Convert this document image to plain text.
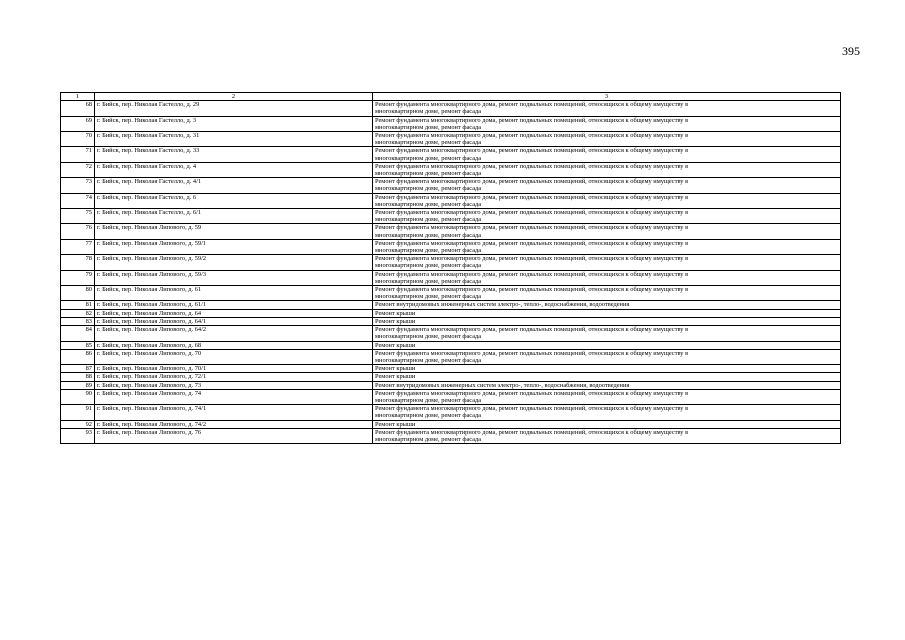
395
1	2	3
68	г. Бийск, пер. Николая Гастелло, д. 29	Ремонт фундамента многоквартирного дома, ремонт подвальных помещений, относящихся к общему имуществу в
многоквартирном доме, ремонт фасада

69	г. Бийск, пер. Николая Гастелло, д. 3	Ремонт фундамента многоквартирного дома, ремонт подвальных помещений, относящихся к общему имуществу в
многоквартирном доме, ремонт фасада

70	г. Бийск, пер. Николая Гастелло, д. 31	Ремонт фундамента многоквартирного дома, ремонт подвальных помещений, относящихся к общему имуществу в
многоквартирном доме, ремонт фасада

71	г. Бийск, пер. Николая Гастелло, д. 33	Ремонт фундамента многоквартирного дома, ремонт подвальных помещений, относящихся к общему имуществу в
многоквартирном доме, ремонт фасада

72	г. Бийск, пер. Николая Гастелло, д. 4	Ремонт фундамента многоквартирного дома, ремонт подвальных помещений, относящихся к общему имуществу в
многоквартирном доме, ремонт фасада

73	г. Бийск, пер. Николая Гастелло, д. 4/1	Ремонт фундамента многоквартирного дома, ремонт подвальных помещений, относящихся к общему имуществу в
многоквартирном доме, ремонт фасада

74	г. Бийск, пер. Николая Гастелло, д. 6	Ремонт фундамента многоквартирного дома, ремонт подвальных помещений, относящихся к общему имуществу в
многоквартирном доме, ремонт фасада

75	г. Бийск, пер. Николая Гастелло, д. 6/1	Ремонт фундамента многоквартирного дома, ремонт подвальных помещений, относящихся к общему имуществу в
многоквартирном доме, ремонт фасада

76	г. Бийск, пер. Николая Липового, д. 59	Ремонт фундамента многоквартирного дома, ремонт подвальных помещений, относящихся к общему имуществу в
многоквартирном доме, ремонт фасада

77	г. Бийск, пер. Николая Липового, д. 59/1	Ремонт фундамента многоквартирного дома, ремонт подвальных помещений, относящихся к общему имуществу в
многоквартирном доме, ремонт фасада

78	г. Бийск, пер. Николая Липового, д. 59/2	Ремонт фундамента многоквартирного дома, ремонт подвальных помещений, относящихся к общему имуществу в
многоквартирном доме, ремонт фасада

79	г. Бийск, пер. Николая Липового, д. 59/3	Ремонт фундамента многоквартирного дома, ремонт подвальных помещений, относящихся к общему имуществу в
многоквартирном доме, ремонт фасада

80	г. Бийск, пер. Николая Липового, д. 61	Ремонт фундамента многоквартирного дома, ремонт подвальных помещений, относящихся к общему имуществу в
многоквартирном доме, ремонт фасада

81	г. Бийск, пер. Николая Липового, д. 61/1	Ремонт внутридомовых инженерных систем электро-, тепло-, водоснабжения, водоотведения

82	г. Бийск, пер. Николая Липового, д. 64	Ремонт крыши

83	г. Бийск, пер. Николая Липового, д. 64/1	Ремонт крыши

84	г. Бийск, пер. Николая Липового, д. 64/2	Ремонт фундамента многоквартирного дома, ремонт подвальных помещений, относящихся к общему имуществу в
многоквартирном доме, ремонт фасада

85	г. Бийск, пер. Николая Липового, д. 68	Ремонт крыши

86	г. Бийск, пер. Николая Липового, д. 70	Ремонт фундамента многоквартирного дома, ремонт подвальных помещений, относящихся к общему имуществу в
многоквартирном доме, ремонт фасада

87	г. Бийск, пер. Николая Липового, д. 70/1	Ремонт крыши

88	г. Бийск, пер. Николая Липового, д. 72/1	Ремонт крыши

89	г. Бийск, пер. Николая Липового, д. 73	Ремонт внутридомовых инженерных систем электро-, тепло-, водоснабжения, водоотведения

90	г. Бийск, пер. Николая Липового, д. 74	Ремонт фундамента многоквартирного дома, ремонт подвальных помещений, относящихся к общему имуществу в
многоквартирном доме, ремонт фасада

91	г. Бийск, пер. Николая Липового, д. 74/1	Ремонт фундамента многоквартирного дома, ремонт подвальных помещений, относящихся к общему имуществу в
многоквартирном доме, ремонт фасада

92	г. Бийск, пер. Николая Липового, д. 74/2	Ремонт крыши

93	г. Бийск, пер. Николая Липового, д. 76	Ремонт фундамента многоквартирного дома, ремонт подвальных помещений, относящихся к общему имуществу в
многоквартирном доме, ремонт фасада
